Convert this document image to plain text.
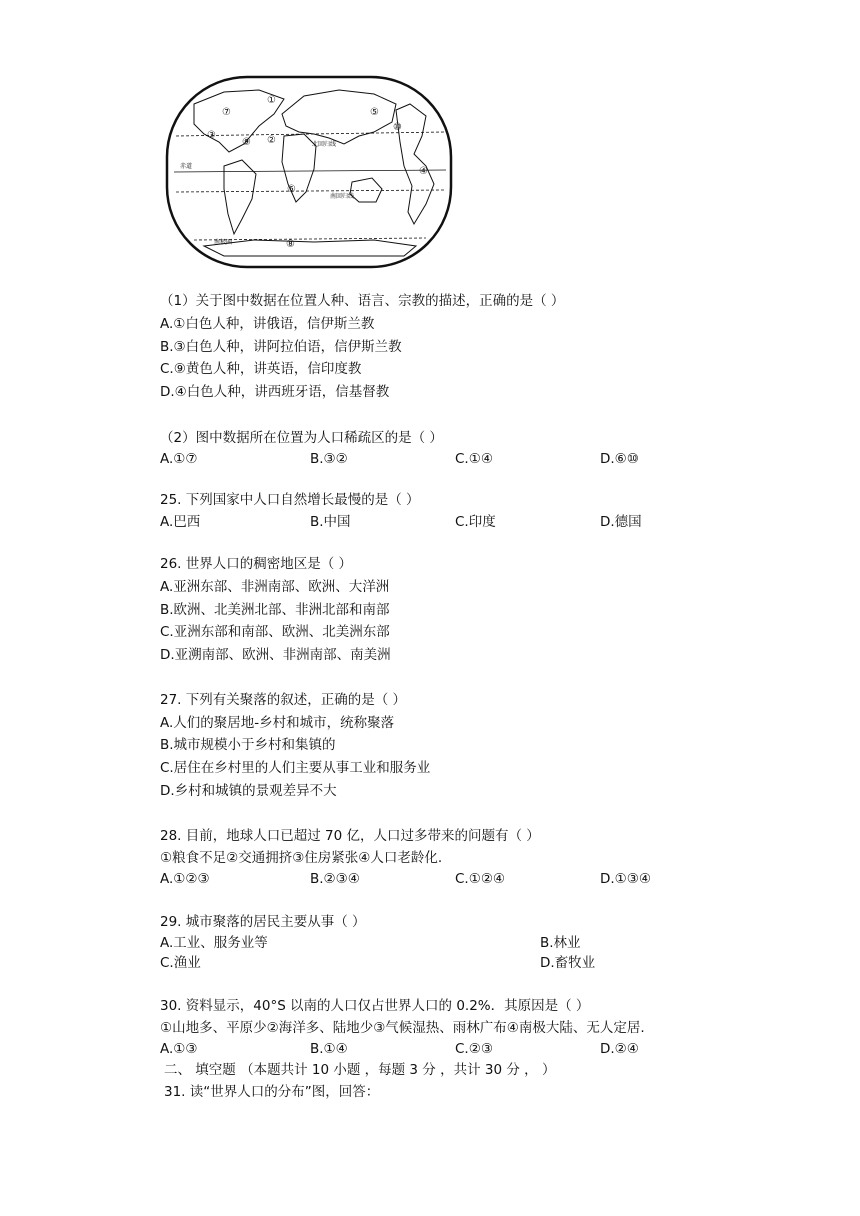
北回归线
赤道
南回归线
南极圈
①
②
③
④
⑤
⑥
⑦
⑧
⑨
⑩
（1）关于图中数据在位置人种、语言、宗教的描述，正确的是（ ）
A.①白色人种，讲俄语，信伊斯兰教
B.③白色人种，讲阿拉伯语，信伊斯兰教
C.⑨黄色人种，讲英语，信印度教
D.④白色人种，讲西班牙语，信基督教
（2）图中数据所在位置为人口稀疏区的是（ ）
A.①⑦	B.③②	C.①④	D.⑥⑩
25. 下列国家中人口自然增长最慢的是（ ）
A.巴西	B.中国	C.印度	D.德国
26. 世界人口的稠密地区是（ ）
A.亚洲东部、非洲南部、欧洲、大洋洲
B.欧洲、北美洲北部、非洲北部和南部
C.亚洲东部和南部、欧洲、北美洲东部
D.亚溯南部、欧洲、非洲南部、南美洲
27. 下列有关聚落的叙述，正确的是（ ）
A.人们的聚居地-乡村和城市，统称聚落
B.城市规模小于乡村和集镇的
C.居住在乡村里的人们主要从事工业和服务业
D.乡村和城镇的景观差异不大
28. 目前，地球人口已超过 70 亿，人口过多带来的问题有（ ）
①粮食不足②交通拥挤③住房紧张④人口老龄化.
A.①②③	B.②③④	C.①②④	D.①③④
29. 城市聚落的居民主要从事（ ）
A.工业、服务业等	B.林业
C.渔业	D.畜牧业
30. 资料显示，40°S 以南的人口仅占世界人口的 0.2%．其原因是（ ）
①山地多、平原少②海洋多、陆地少③气候湿热、雨林广布④南极大陆、无人定居.
A.①③	B.①④	C.②③	D.②④
二、 填空题 （本题共计 10 小题 ，每题 3 分 ，共计 30 分 ， ）
31. 读“世界人口的分布”图，回答：
